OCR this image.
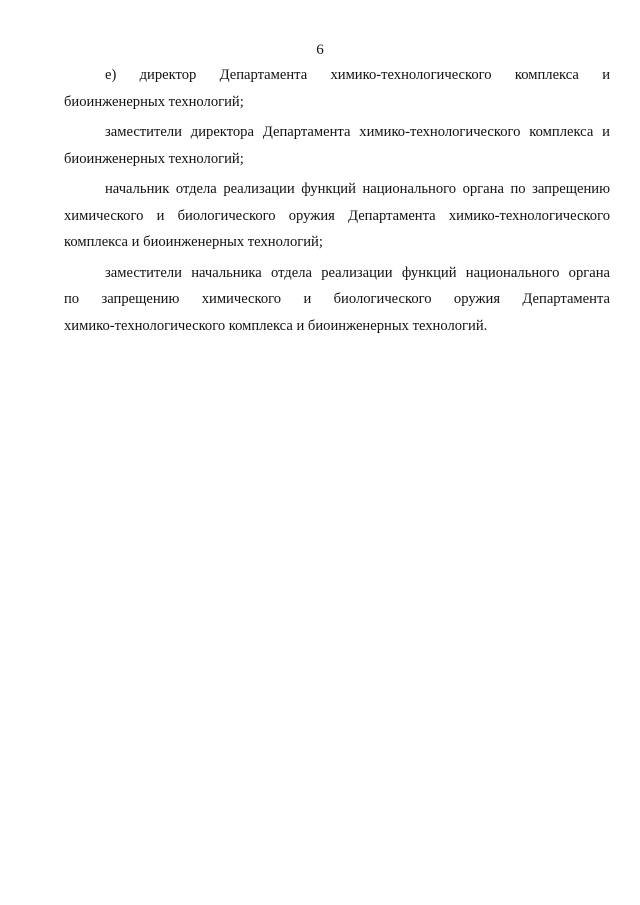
6
е) директор Департамента химико-технологического комплекса и
биоинженерных технологий;
заместители директора Департамента химико-технологического комплекса и
биоинженерных технологий;
начальник отдела реализации функций национального органа по запрещению
химического и биологического оружия Департамента химико-технологического
комплекса и биоинженерных технологий;
заместители начальника отдела реализации функций национального органа
по запрещению химического и биологического оружия Департамента
химико-технологического комплекса и биоинженерных технологий.
